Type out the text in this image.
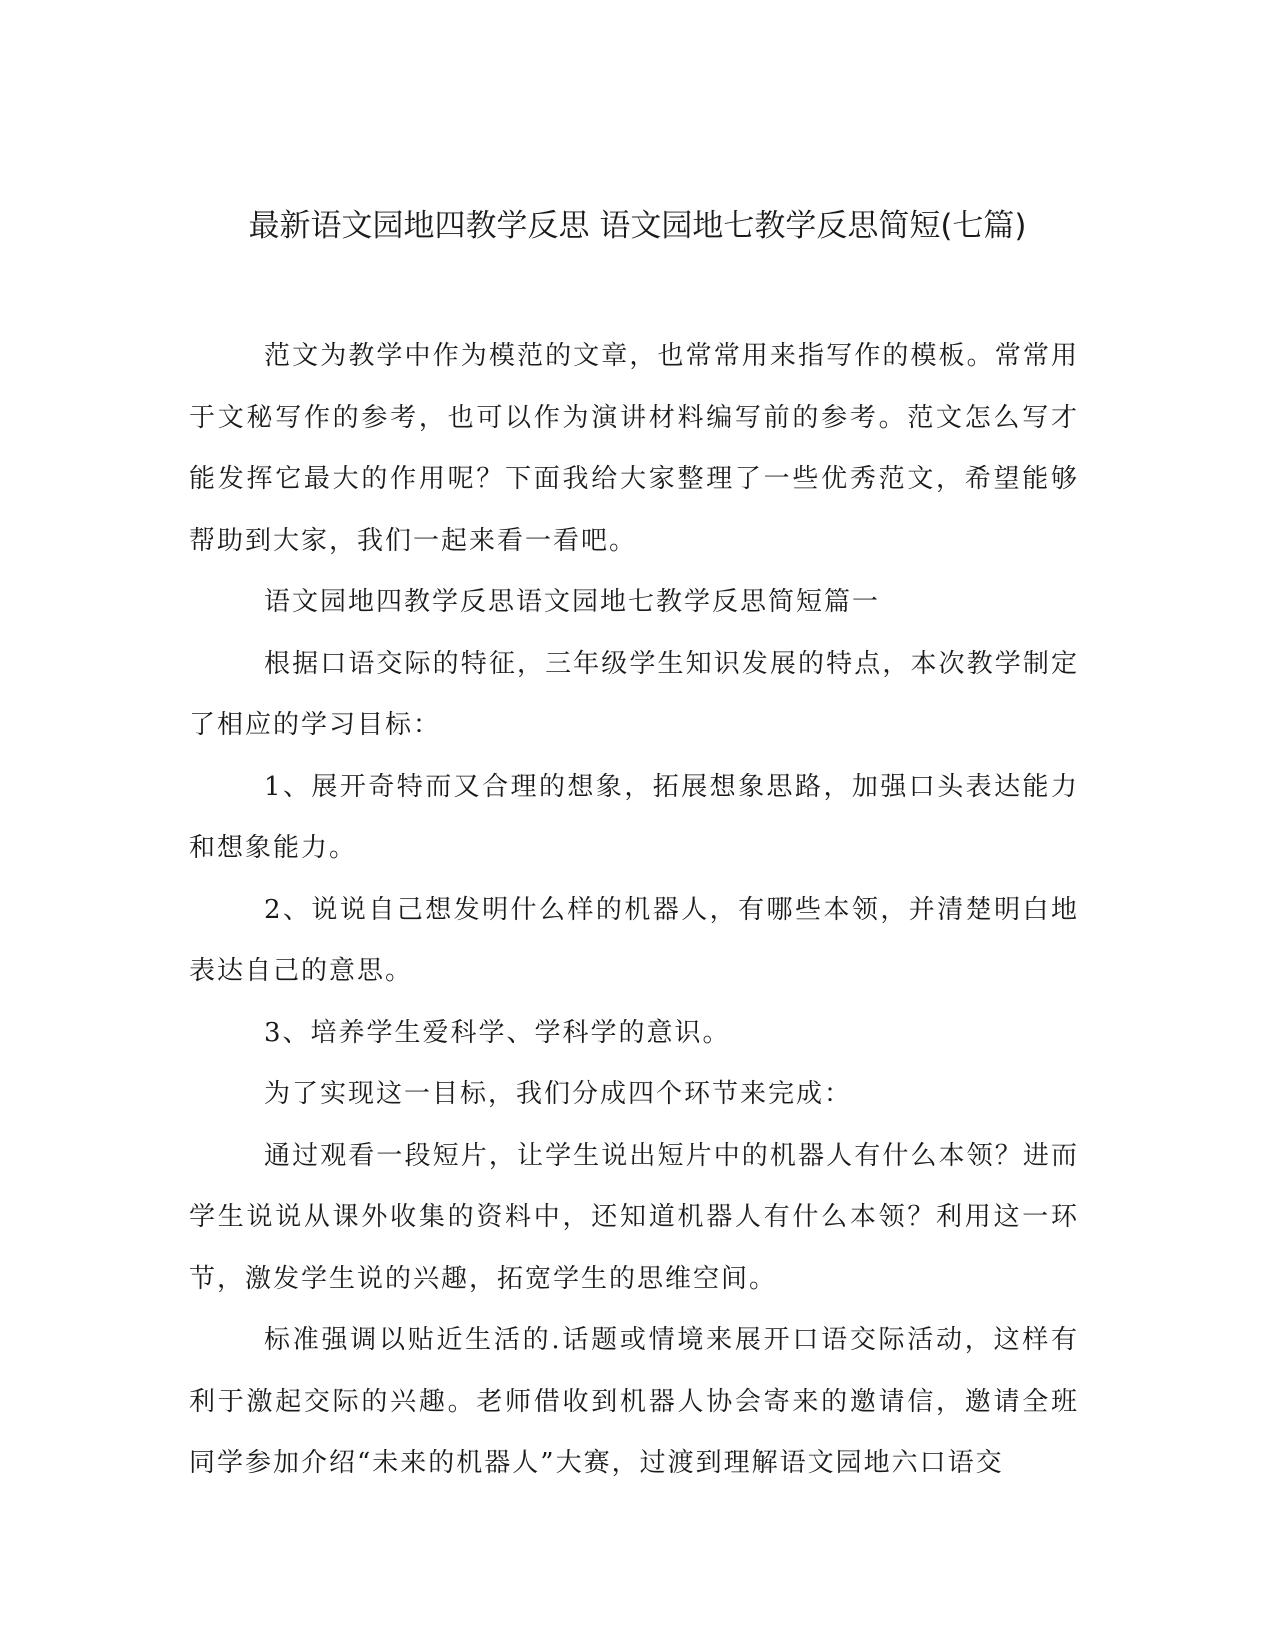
最新语文园地四教学反思 语文园地七教学反思简短(七篇)

范文为教学中作为模范的文章，也常常用来指写作的模板。常常用于文秘写作的参考，也可以作为演讲材料编写前的参考。范文怎么写才能发挥它最大的作用呢？下面我给大家整理了一些优秀范文，希望能够帮助到大家，我们一起来看一看吧。

语文园地四教学反思语文园地七教学反思简短篇一

根据口语交际的特征，三年级学生知识发展的特点，本次教学制定了相应的学习目标：

1、展开奇特而又合理的想象，拓展想象思路，加强口头表达能力和想象能力。

2、说说自己想发明什么样的机器人，有哪些本领，并清楚明白地表达自己的意思。

3、培养学生爱科学、学科学的意识。

为了实现这一目标，我们分成四个环节来完成：

通过观看一段短片，让学生说出短片中的机器人有什么本领？进而学生说说从课外收集的资料中，还知道机器人有什么本领？利用这一环节，激发学生说的兴趣，拓宽学生的思维空间。

标准强调以贴近生活的.话题或情境来展开口语交际活动，这样有利于激起交际的兴趣。老师借收到机器人协会寄来的邀请信，邀请全班同学参加介绍“未来的机器人”大赛，过渡到理解语文园地六口语交
